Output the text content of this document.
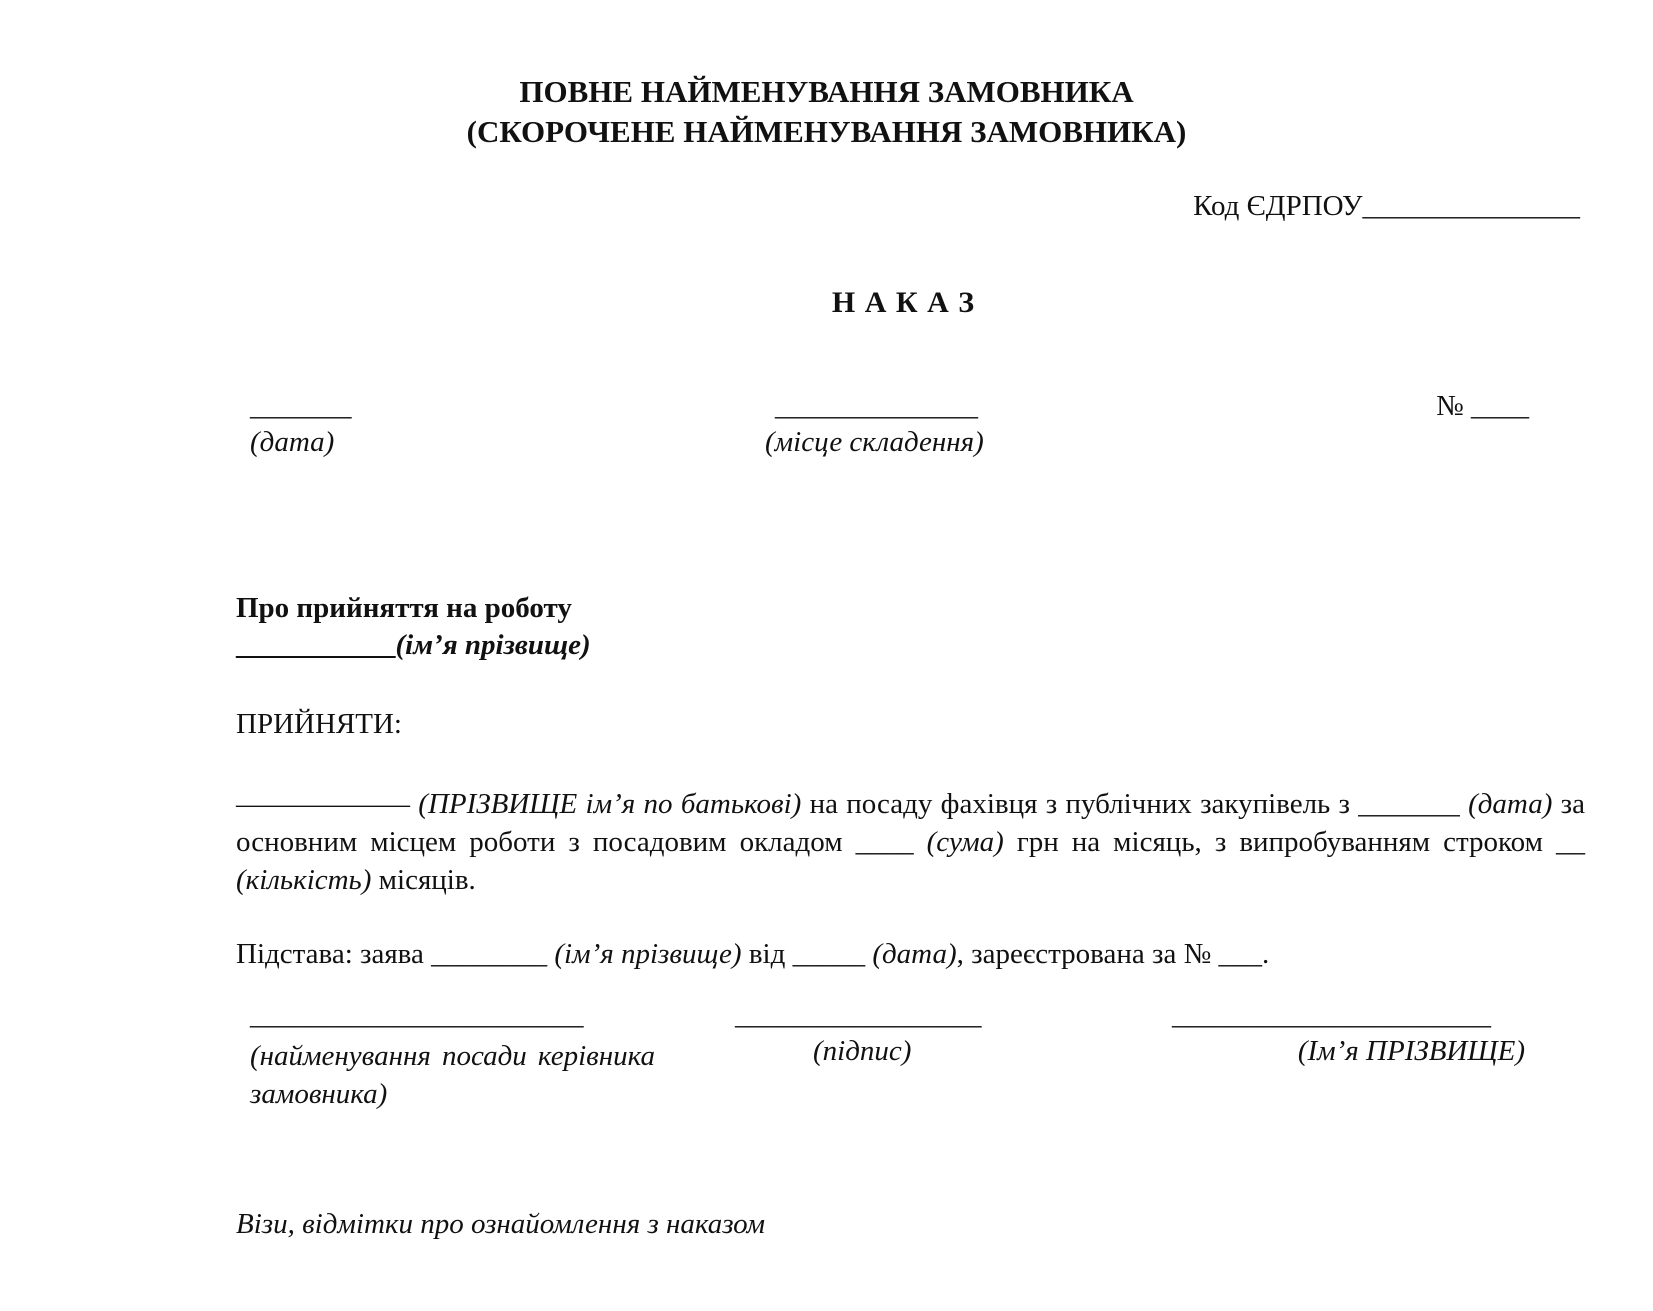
ПОВНЕ НАЙМЕНУВАННЯ ЗАМОВНИКА
(СКОРОЧЕНЕ НАЙМЕНУВАННЯ ЗАМОВНИКА)
Код ЄДРПОУ_______________
Н А К А З
_______
(дата)
______________
(місце складення)
№ ____
Про прийняття на роботу
___________(ім’я прізвище)
ПРИЙНЯТИ:
—————— (ПРІЗВИЩЕ ім’я по батькові) на посаду фахівця з публічних закупівель з _______ (дата) за основним місцем роботи з посадовим окладом ____ (сума) грн на місяць, з випробуванням строком __ (кількість) місяців.
Підстава: заява ________ (ім’я прізвище) від _____ (дата), зареєстрована за № ___.
_______________________	_________________	______________________
(найменування посади керівника замовника)
(підпис)	(Ім’я ПРІЗВИЩЕ)
Візи, відмітки про ознайомлення з наказом
